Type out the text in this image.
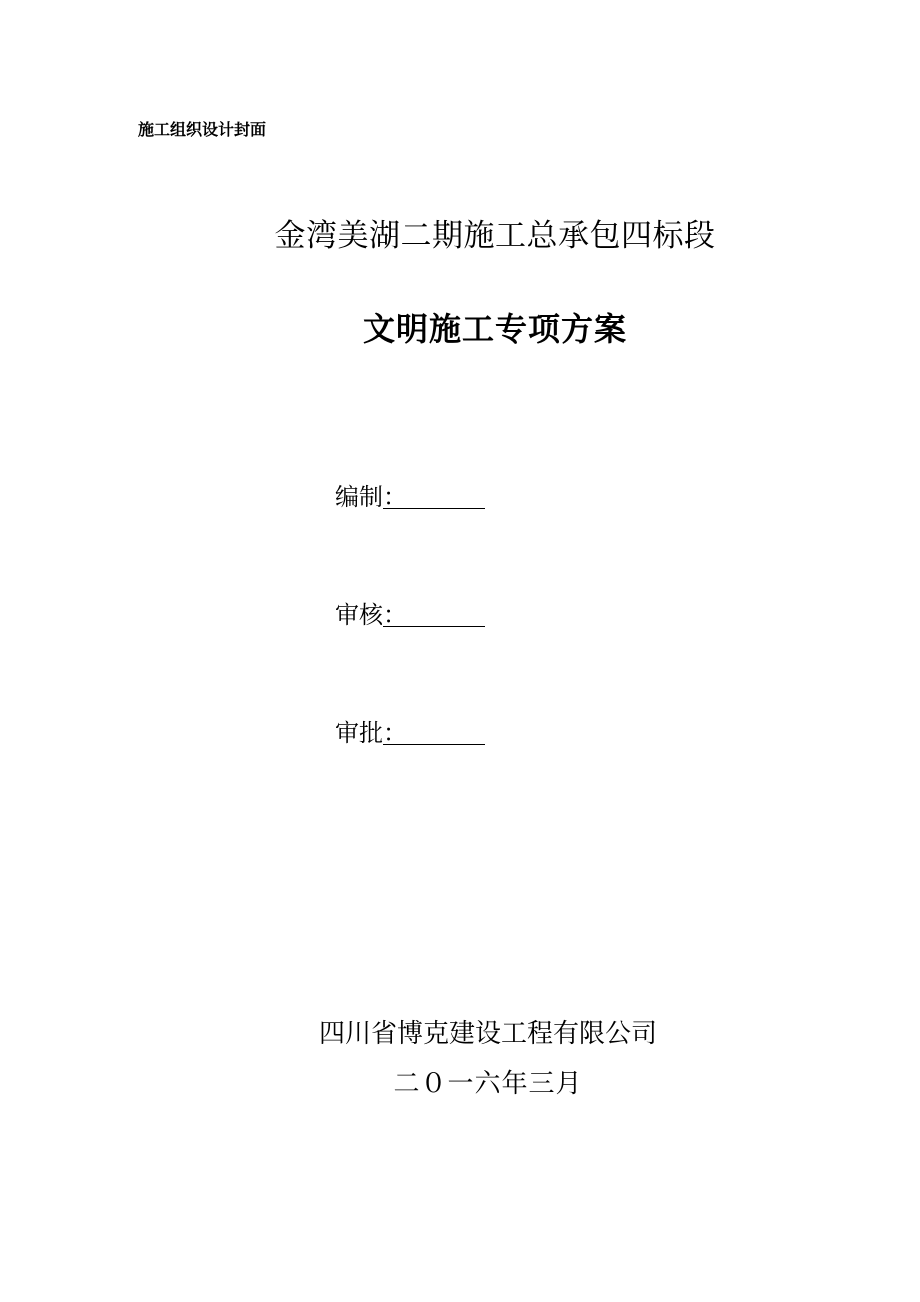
施工组织设计封面
金湾美湖二期施工总承包四标段
文明施工专项方案
编制 ：
审核 ：
审批 ：
四川省博克建设工程有限公司
二０一六年三月
